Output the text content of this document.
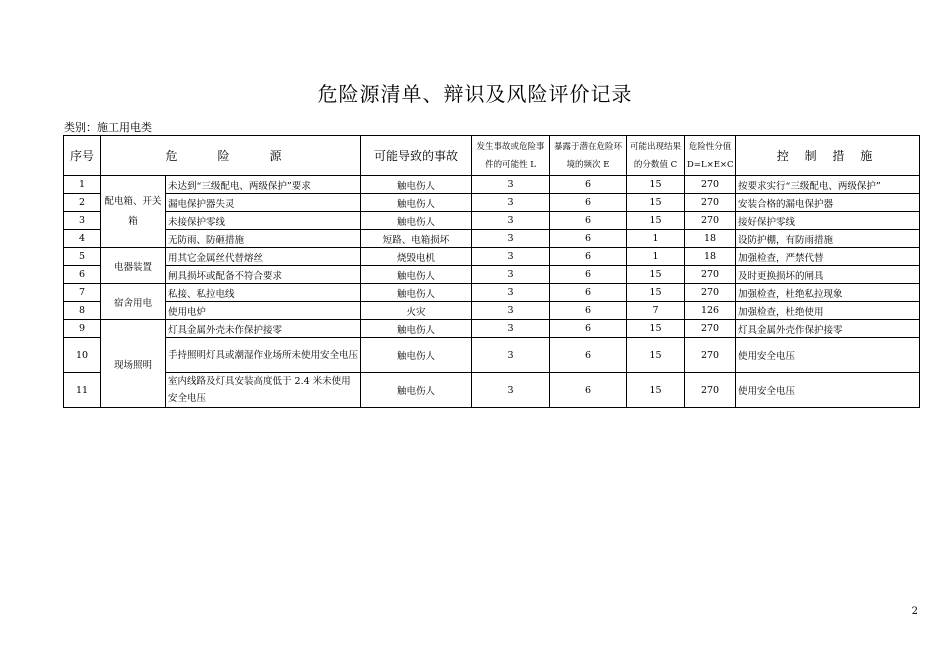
危险源清单、辩识及风险评价记录
类别：施工用电类
序号	危　险　源		可能导致的事故	发生事故或危险事件的可能性 L	暴露于潜在危险环境的频次 E	可能出现结果的分数值 C	危险性分值 D=L×E×C	控 制 措 施
1	配电箱、开关箱	未达到“三级配电、两级保护”要求	触电伤人	3	6	15	270	按要求实行“三级配电、两级保护”
2		漏电保护器失灵	触电伤人	3	6	15	270	安装合格的漏电保护器
3		未接保护零线	触电伤人	3	6	15	270	接好保护零线
4		无防雨、防砸措施	短路、电箱损坏	3	6	1	18	设防护棚，有防雨措施
5	电器装置	用其它金属丝代替熔丝	烧毁电机	3	6	1	18	加强检查，严禁代替
6		闸具损坏或配备不符合要求	触电伤人	3	6	15	270	及时更换损坏的闸具
7	宿舍用电	私接、私拉电线	触电伤人	3	6	15	270	加强检查，杜绝私拉现象
8		使用电炉	火灾	3	6	7	126	加强检查，杜绝使用
9	现场照明	灯具金属外壳未作保护接零	触电伤人	3	6	15	270	灯具金属外壳作保护接零
10		手持照明灯具或潮湿作业场所未使用安全电压	触电伤人	3	6	15	270	使用安全电压
11		室内线路及灯具安装高度低于 2.4 米未使用安全电压	触电伤人	3	6	15	270	使用安全电压
2
